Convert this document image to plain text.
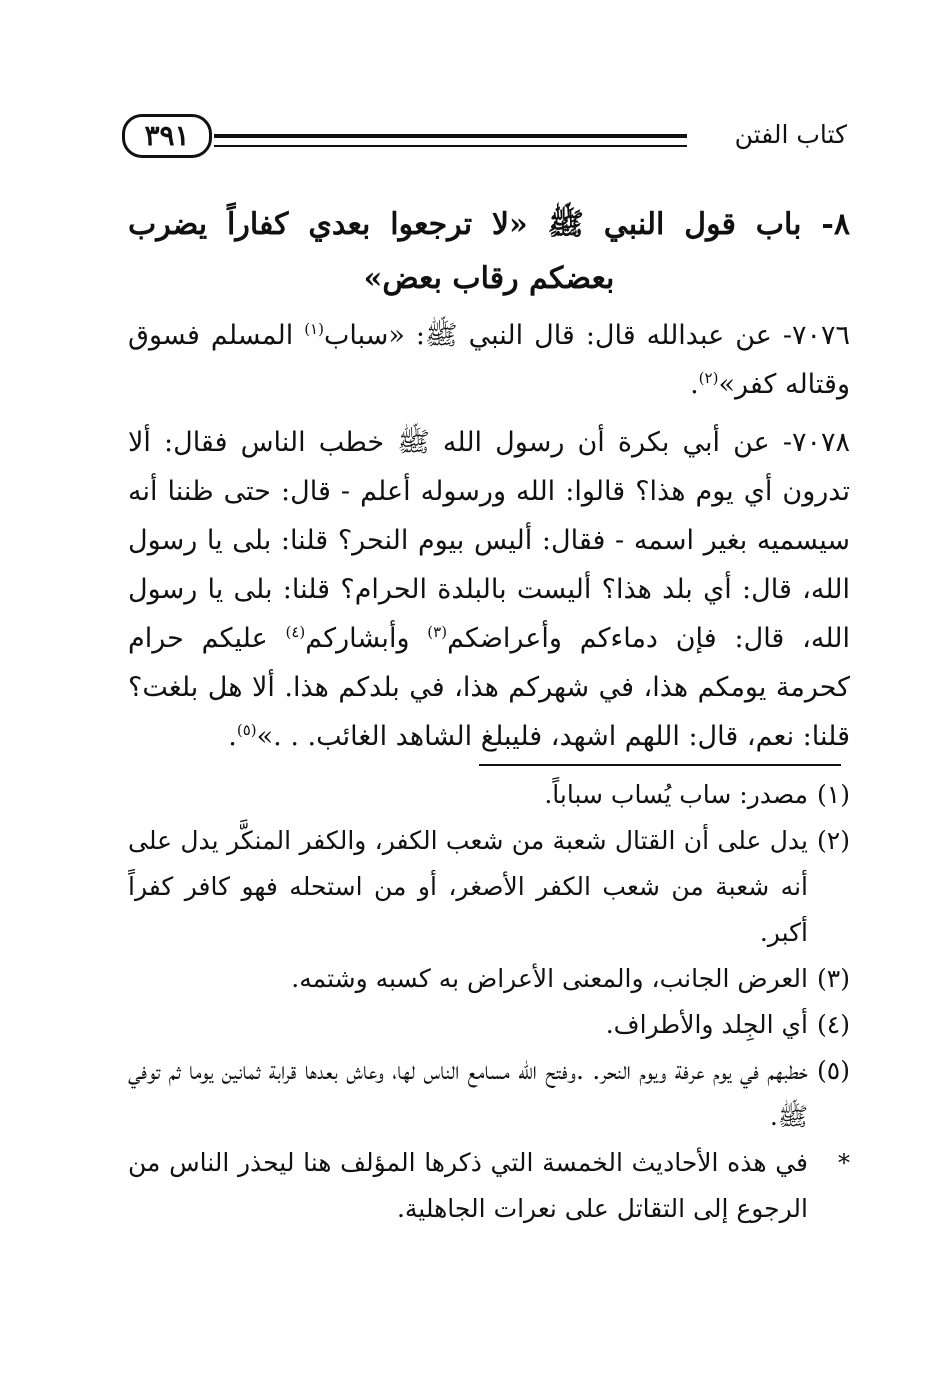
كتاب الفتن
٣٩١
٨- باب قول النبي ﷺ «لا ترجعوا بعدي كفاراً يضرب بعضكم رقاب بعض»
٧٠٧٦- عن عبدالله قال: قال النبي ﷺ: «سباب$^{(١)}$ المسلم فسوق وقتاله كفر»$^{(٢)}$.
٧٠٧٨- عن أبي بكرة أن رسول الله ﷺ خطب الناس فقال: ألا تدرون أي يوم هذا؟ قالوا: الله ورسوله أعلم - قال: حتى ظننا أنه سيسميه بغير اسمه - فقال: أليس بيوم النحر؟ قلنا: بلى يا رسول الله، قال: أي بلد هذا؟ أليست بالبلدة الحرام؟ قلنا: بلى يا رسول الله، قال: فإن دماءكم وأعراضكم$^{(٣)}$ وأبشاركم$^{(٤)}$ عليكم حرام كحرمة يومكم هذا، في شهركم هذا، في بلدكم هذا. ألا هل بلغت؟ قلنا: نعم، قال: اللهم اشهد، فليبلغ الشاهد الغائب. . .»$^{(٥)}$.
(١)
مصدر: ساب يُساب سباباً.
(٢)
يدل على أن القتال شعبة من شعب الكفر، والكفر المنكَّر يدل على أنه شعبة من شعب الكفر الأصغر، أو من استحله فهو كافر كفراً أكبر.
(٣)
العرض الجانب، والمعنى الأعراض به كسبه وشتمه.
(٤)
أي الجِلد والأطراف.
(٥)
خطبهم في يوم عرفة ويوم النحر. .وفتح الله مسامع الناس لها، وعاش بعدها قرابة ثمانين يوما ثم توفي ﷺ.
*
في هذه الأحاديث الخمسة التي ذكرها المؤلف هنا ليحذر الناس من الرجوع إلى التقاتل على نعرات الجاهلية.
